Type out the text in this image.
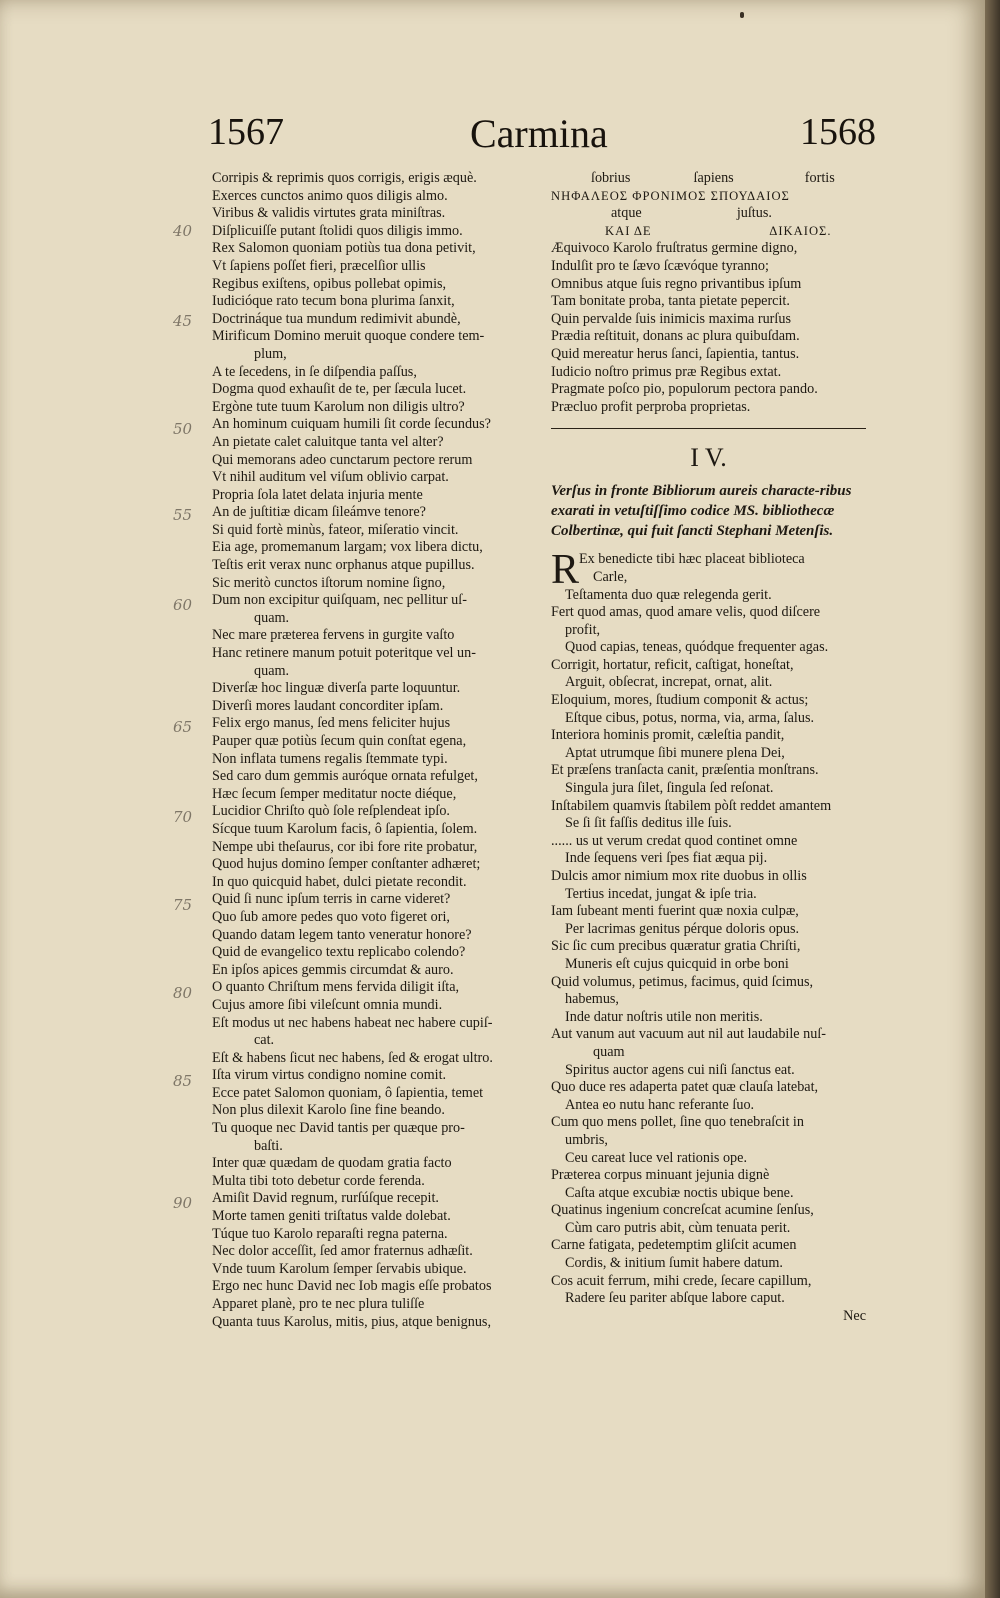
1567	Carmina	1568
Corripis & reprimis quos corrigis, erigis æquè.
Exerces cunctos animo quos diligis almo.
Viribus & validis virtutes grata miniſtras.
Diſplicuiſſe putant ſtolidi quos diligis immo.
Rex Salomon quoniam potiùs tua dona petivit,
Vt ſapiens poſſet fieri, præcelſior ullis
Regibus exiſtens, opibus pollebat opimis,
Iudicióque rato tecum bona plurima ſanxit,
Doctrináque tua mundum redimivit abundè,
Mirificum Domino meruit quoque condere tem-
plum,
A te ſecedens, in ſe diſpendia paſſus,
Dogma quod exhauſit de te, per ſæcula lucet.
Ergòne tute tuum Karolum non diligis ultro?
An hominum cuiquam humili ſit corde ſecundus?
An pietate calet caluitque tanta vel alter?
Qui memorans adeo cunctarum pectore rerum
Vt nihil auditum vel viſum oblivio carpat.
Propria ſola latet delata injuria mente
An de juſtitiæ dicam ſileámve tenore?
Si quid fortè minùs, fateor, miſeratio vincit.
Eia age, promemanum largam; vox libera dictu,
Teſtis erit verax nunc orphanus atque pupillus.
Sic meritò cunctos iſtorum nomine ſigno,
Dum non excipitur quiſquam, nec pellitur uſ-
quam.
Nec mare præterea fervens in gurgite vaſto
Hanc retinere manum potuit poteritque vel un-
quam.
Diverſæ hoc linguæ diverſa parte loquuntur.
Diverſi mores laudant concorditer ipſam.
Felix ergo manus, ſed mens feliciter hujus
Pauper quæ potiùs ſecum quin conſtat egena,
Non inflata tumens regalis ſtemmate typi.
Sed caro dum gemmis auróque ornata refulget,
Hæc ſecum ſemper meditatur nocte diéque,
Lucidior Chriſto quò ſole reſplendeat ipſo.
Sícque tuum Karolum facis, ô ſapientia, ſolem.
Nempe ubi theſaurus, cor ibi fore rite probatur,
Quod hujus domino ſemper conſtanter adhæret;
In quo quicquid habet, dulci pietate recondit.
Quid ſi nunc ipſum terris in carne videret?
Quo ſub amore pedes quo voto figeret ori,
Quando datam legem tanto veneratur honore?
Quid de evangelico textu replicabo colendo?
En ipſos apices gemmis circumdat & auro.
O quanto Chriſtum mens fervida diligit iſta,
Cujus amore ſibi vileſcunt omnia mundi.
Eſt modus ut nec habens habeat nec habere cupiſ-
cat.
Eſt & habens ſicut nec habens, ſed & erogat ultro.
Iſta virum virtus condigno nomine comit.
Ecce patet Salomon quoniam, ô ſapientia, temet
Non plus dilexit Karolo ſine fine beando.
Tu quoque nec David tantis per quæque pro-
baſti.
Inter quæ quædam de quodam gratia facto
Multa tibi toto debetur corde ferenda.
Amiſit David regnum, rurſúſque recepit.
Morte tamen geniti triſtatus valde dolebat.
Túque tuo Karolo reparaſti regna paterna.
Nec dolor acceſſit, ſed amor fraternus adhæſit.
Vnde tuum Karolum ſemper ſervabis ubique.
Ergo nec hunc David nec Iob magis eſſe probatos
Apparet planè, pro te nec plura tuliſſe
Quanta tuus Karolus, mitis, pius, atque benignus,
ſobrius	ſapiens	fortis
ΝΗΦΑΛΕΟΣ ΦΡΟΝΙΜΟΣ ΣΠΟΥΔΑΙΟΣ
atque	juſtus.
ΚΑΙ ΔΕ	ΔΙΚΑΙΟΣ.
Æquivoco Karolo fruſtratus germine digno,
Indulſit pro te ſævo ſcævóque tyranno;
Omnibus atque ſuis regno privantibus ipſum
Tam bonitate proba, tanta pietate pepercit.
Quin pervalde ſuis inimicis maxima rurſus
Prædia reſtituit, donans ac plura quibuſdam.
Quid mereatur herus ſanci, ſapientia, tantus.
Iudicio noſtro primus præ Regibus extat.
Pragmate poſco pio, populorum pectora pando.
Præcluo profit perproba proprietas.
I V.
Verſus in fronte Bibliorum aureis characte-ribus exarati in vetuſtiſſimo codice MS. bibliothecæ Colbertinæ, qui fuit ſancti Stephani Metenſis.
R Ex benedicte tibi hæc placeat biblioteca
Carle,
Teſtamenta duo quæ relegenda gerit.
Fert quod amas, quod amare velis, quod diſcere
profit,
Quod capias, teneas, quódque frequenter agas.
Corrigit, hortatur, reficit, caſtigat, honeſtat,
Arguit, obſecrat, increpat, ornat, alit.
Eloquium, mores, ſtudium componit & actus;
Eſtque cibus, potus, norma, via, arma, ſalus.
Interiora hominis promit, cæleſtia pandit,
Aptat utrumque ſibi munere plena Dei,
Et præſens tranſacta canit, præſentia monſtrans.
Singula jura ſilet, ſingula ſed reſonat.
Inſtabilem quamvis ſtabilem pòſt reddet amantem
Se ſi ſit faſſis deditus ille ſuis.
...... us ut verum credat quod continet omne
Inde ſequens veri ſpes fiat æqua pij.
Dulcis amor nimium mox rite duobus in ollis
Tertius incedat, jungat & ipſe tria.
Iam ſubeant menti fuerint quæ noxia culpæ,
Per lacrimas genitus pérque doloris opus.
Sic ſic cum precibus quæratur gratia Chriſti,
Muneris eſt cujus quicquid in orbe boni
Quid volumus, petimus, facimus, quid ſcimus,
habemus,
Inde datur noſtris utile non meritis.
Aut vanum aut vacuum aut nil aut laudabile nuſ-
quam
Spiritus auctor agens cui niſi ſanctus eat.
Quo duce res adaperta patet quæ clauſa latebat,
Antea eo nutu hanc referante ſuo.
Cum quo mens pollet, ſine quo tenebraſcit in
umbris,
Ceu careat luce vel rationis ope.
Præterea corpus minuant jejunia dignè
Caſta atque excubiæ noctis ubique bene.
Quatinus ingenium concreſcat acumine ſenſus,
Cùm caro putris abit, cùm tenuata perit.
Carne fatigata, pedetemptim gliſcit acumen
Cordis, & initium ſumit habere datum.
Cos acuit ferrum, mihi crede, ſecare capillum,
Radere ſeu pariter abſque labore caput.
Nec
40
45
50
55
60
65
70
75
80
85
90
